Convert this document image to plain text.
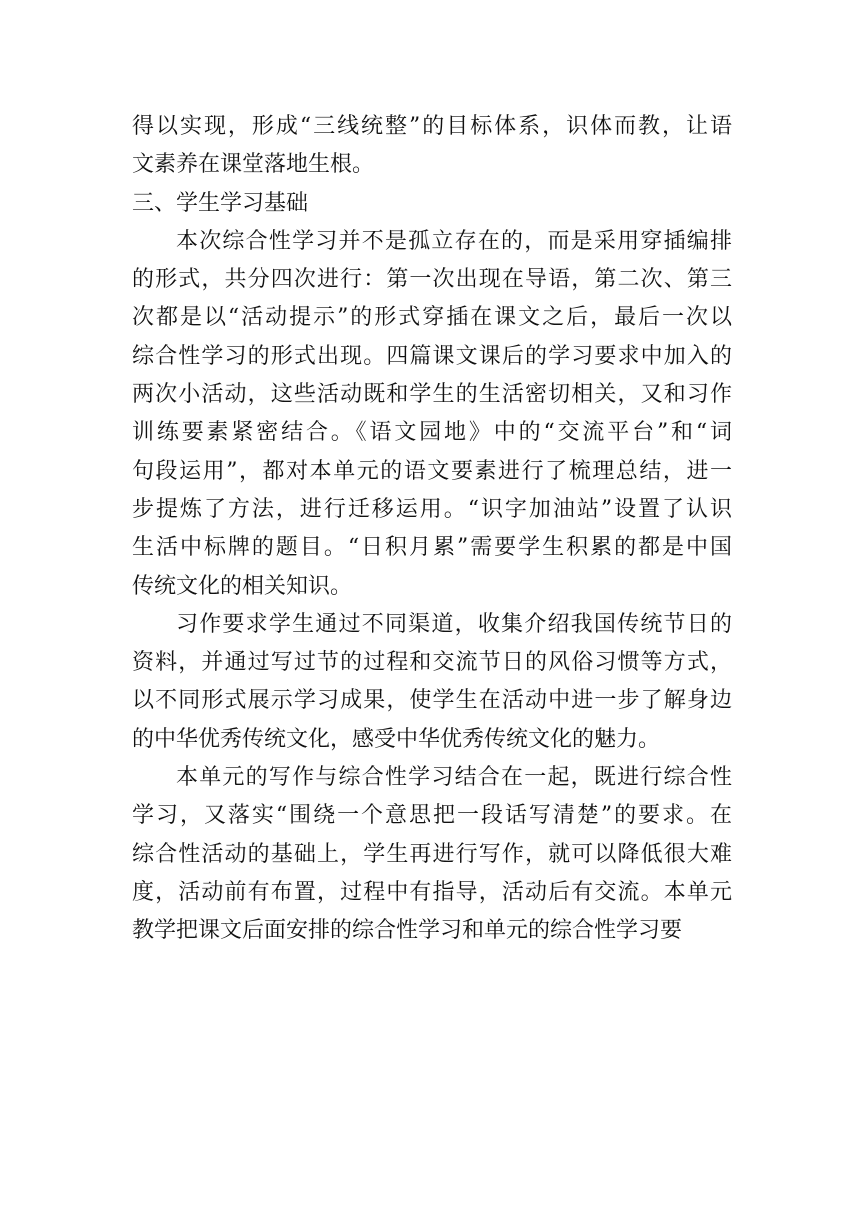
得以实现，形成“三线统整”的目标体系，识体而教，让语
文素养在课堂落地生根。
三、学生学习基础
本次综合性学习并不是孤立存在的，而是采用穿插编排
的形式，共分四次进行：第一次出现在导语，第二次、第三
次都是以“活动提示”的形式穿插在课文之后，最后一次以
综合性学习的形式出现。四篇课文课后的学习要求中加入的
两次小活动，这些活动既和学生的生活密切相关，又和习作
训练要素紧密结合。《语文园地》中的“交流平台”和“词
句段运用”，都对本单元的语文要素进行了梳理总结，进一
步提炼了方法，进行迁移运用。“识字加油站”设置了认识
生活中标牌的题目。“日积月累”需要学生积累的都是中国
传统文化的相关知识。
习作要求学生通过不同渠道，收集介绍我国传统节日的
资料，并通过写过节的过程和交流节日的风俗习惯等方式，
以不同形式展示学习成果，使学生在活动中进一步了解身边
的中华优秀传统文化，感受中华优秀传统文化的魅力。
本单元的写作与综合性学习结合在一起，既进行综合性
学习，又落实“围绕一个意思把一段话写清楚”的要求。在
综合性活动的基础上，学生再进行写作，就可以降低很大难
度，活动前有布置，过程中有指导，活动后有交流。本单元
教学把课文后面安排的综合性学习和单元的综合性学习要
